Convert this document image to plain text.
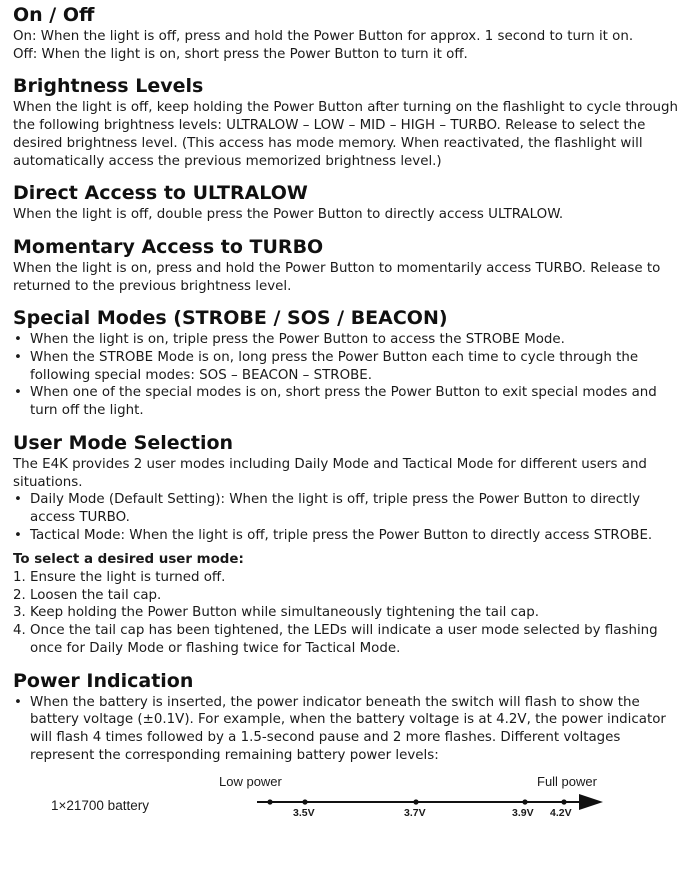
On / Off

On: When the light is off, press and hold the Power Button for approx. 1 second to turn it on.

Off: When the light is on, short press the Power Button to turn it off.

Brightness Levels

When the light is off, keep holding the Power Button after turning on the flashlight to cycle through the following brightness levels: ULTRALOW – LOW – MID – HIGH – TURBO. Release to select the desired brightness level. (This access has mode memory. When reactivated, the flashlight will automatically access the previous memorized brightness level.)

Direct Access to ULTRALOW

When the light is off, double press the Power Button to directly access ULTRALOW.

Momentary Access to TURBO

When the light is on, press and hold the Power Button to momentarily access TURBO. Release to returned to the previous brightness level.

Special Modes (STROBE / SOS / BEACON)
• When the light is on, triple press the Power Button to access the STROBE Mode.
• When the STROBE Mode is on, long press the Power Button each time to cycle through the following special modes: SOS – BEACON – STROBE.
• When one of the special modes is on, short press the Power Button to exit special modes and turn off the light.
User Mode Selection

The E4K provides 2 user modes including Daily Mode and Tactical Mode for different users and situations.

• Daily Mode (Default Setting): When the light is off, triple press the Power Button to directly access TURBO.
• Tactical Mode: When the light is off, triple press the Power Button to directly access STROBE.
To select a desired user mode:
1. Ensure the light is turned off.
2. Loosen the tail cap.
3. Keep holding the Power Button while simultaneously tightening the tail cap.
4. Once the tail cap has been tightened, the LEDs will indicate a user mode selected by flashing once for Daily Mode or flashing twice for Tactical Mode.
Power Indication
• When the battery is inserted, the power indicator beneath the switch will flash to show the battery voltage (±0.1V). For example, when the battery voltage is at 4.2V, the power indicator will flash 4 times followed by a 1.5-second pause and 2 more flashes. Different voltages represent the corresponding remaining battery power levels:
Low power	Full power
1×21700 battery	3.5V	3.7V	3.9V 4.2V
